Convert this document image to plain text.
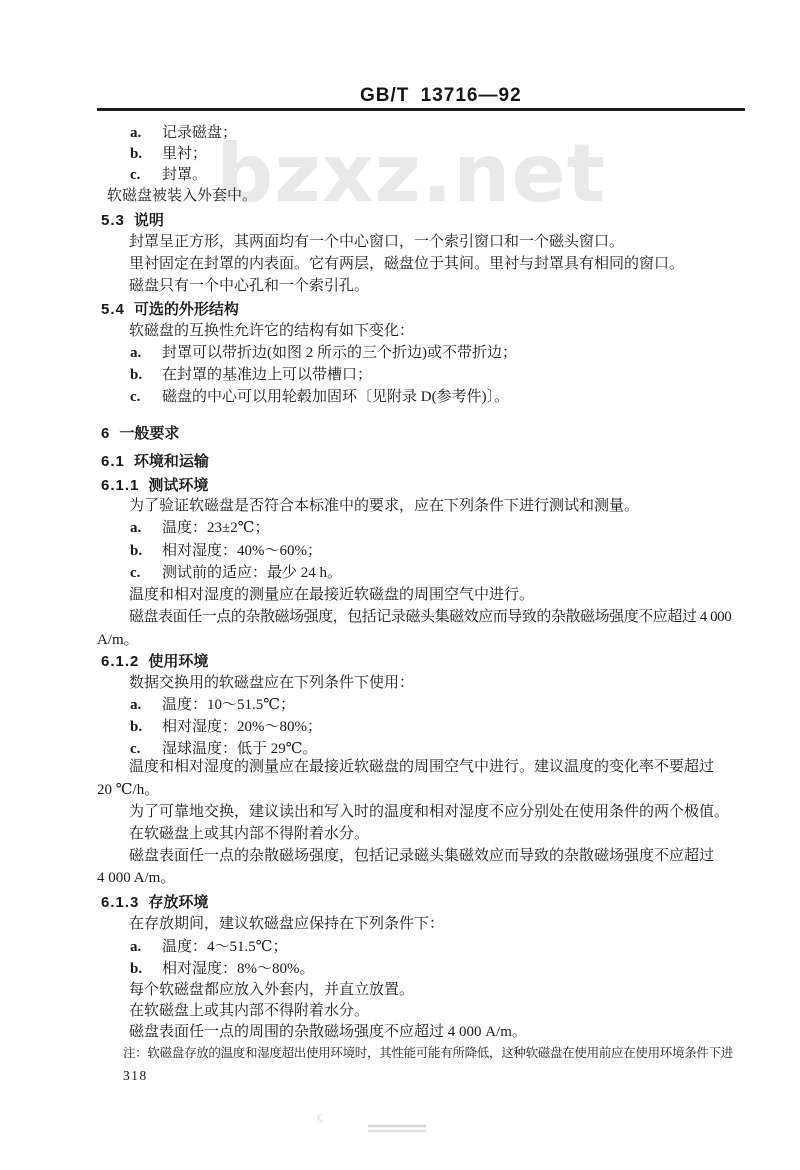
bzxz.net
GB/T 13716—92
a. 记录磁盘；
b. 里衬；
c. 封罩。
软磁盘被装入外套中。
5.3 说明
封罩呈正方形，其两面均有一个中心窗口，一个索引窗口和一个磁头窗口。
里衬固定在封罩的内表面。它有两层，磁盘位于其间。里衬与封罩具有相同的窗口。
磁盘只有一个中心孔和一个索引孔。
5.4 可选的外形结构
软磁盘的互换性允许它的结构有如下变化：
a. 封罩可以带折边(如图 2 所示的三个折边)或不带折边；
b. 在封罩的基准边上可以带槽口；
c. 磁盘的中心可以用轮毂加固环〔见附录 D(参考件)〕。
6 一般要求
6.1 环境和运输
6.1.1 测试环境
为了验证软磁盘是否符合本标准中的要求，应在下列条件下进行测试和测量。
a. 温度：23±2℃；
b. 相对湿度：40%～60%；
c. 测试前的适应：最少 24 h。
温度和相对湿度的测量应在最接近软磁盘的周围空气中进行。
磁盘表面任一点的杂散磁场强度，包括记录磁头集磁效应而导致的杂散磁场强度不应超过 4 000
A/m。
6.1.2 使用环境
数据交换用的软磁盘应在下列条件下使用：
a. 温度：10～51.5℃；
b. 相对湿度：20%～80%；
c. 湿球温度：低于 29℃。
温度和相对湿度的测量应在最接近软磁盘的周围空气中进行。建议温度的变化率不要超过
20 ℃/h。
为了可靠地交换，建议读出和写入时的温度和相对湿度不应分别处在使用条件的两个极值。
在软磁盘上或其内部不得附着水分。
磁盘表面任一点的杂散磁场强度，包括记录磁头集磁效应而导致的杂散磁场强度不应超过
4 000 A/m。
6.1.3 存放环境
在存放期间，建议软磁盘应保持在下列条件下：
a. 温度：4～51.5℃；
b. 相对湿度：8%～80%。
每个软磁盘都应放入外套内，并直立放置。
在软磁盘上或其内部不得附着水分。
磁盘表面任一点的周围的杂散磁场强度不应超过 4 000 A/m。
注：软磁盘存放的温度和湿度超出使用环境时，其性能可能有所降低，这种软磁盘在使用前应在使用环境条件下进
318
ϛ
